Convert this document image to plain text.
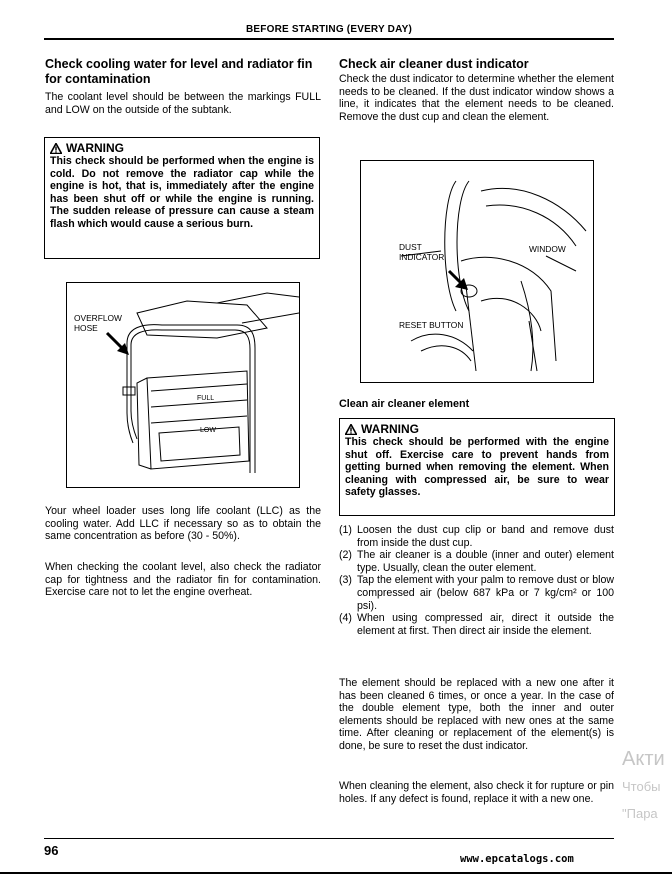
BEFORE STARTING (EVERY DAY)
Check cooling water for level and radiator fin for contamination
The coolant level should be between the markings FULL and LOW on the outside of the subtank.
WARNING
This check should be performed when the engine is cold. Do not remove the radiator cap while the engine is hot, that is, immediately after the engine has been shut off or while the engine is running. The sudden release of pressure can cause a steam flash which would cause a serious burn.
OVERFLOW HOSE
FULL
LOW
Your wheel loader uses long life coolant (LLC) as the cooling water. Add LLC if necessary so as to obtain the same concentration as before (30 - 50%).
When checking the coolant level, also check the radiator cap for tightness and the radiator fin for contamination. Exercise care not to let the engine overheat.
Check air cleaner dust indicator
Check the dust indicator to determine whether the element needs to be cleaned. If the dust indicator window shows a line, it indicates that the element needs to be cleaned. Remove the dust cup and clean the element.
DUST INDICATOR
WINDOW
RESET BUTTON
Clean air cleaner element
WARNING
This check should be performed with the engine shut off. Exercise care to prevent hands from getting burned when removing the element. When cleaning with compressed air, be sure to wear safety glasses.
(1) Loosen the dust cup clip or band and remove dust from inside the dust cup.
(2) The air cleaner is a double (inner and outer) element type. Usually, clean the outer element.
(3) Tap the element with your palm to remove dust or blow compressed air (below 687 kPa or 7 kg/cm² or 100 psi).
(4) When using compressed air, direct it outside the element at first. Then direct air inside the element.
The element should be replaced with a new one after it has been cleaned 6 times, or once a year. In the case of the double element type, both the inner and outer elements should be replaced with new ones at the same time. After cleaning or replacement of the element(s) is done, be sure to reset the dust indicator.
When cleaning the element, also check it for rupture or pin holes. If any defect is found, replace it with a new one.
96
www.epcatalogs.com
Акти
Чтобы
"Пара
